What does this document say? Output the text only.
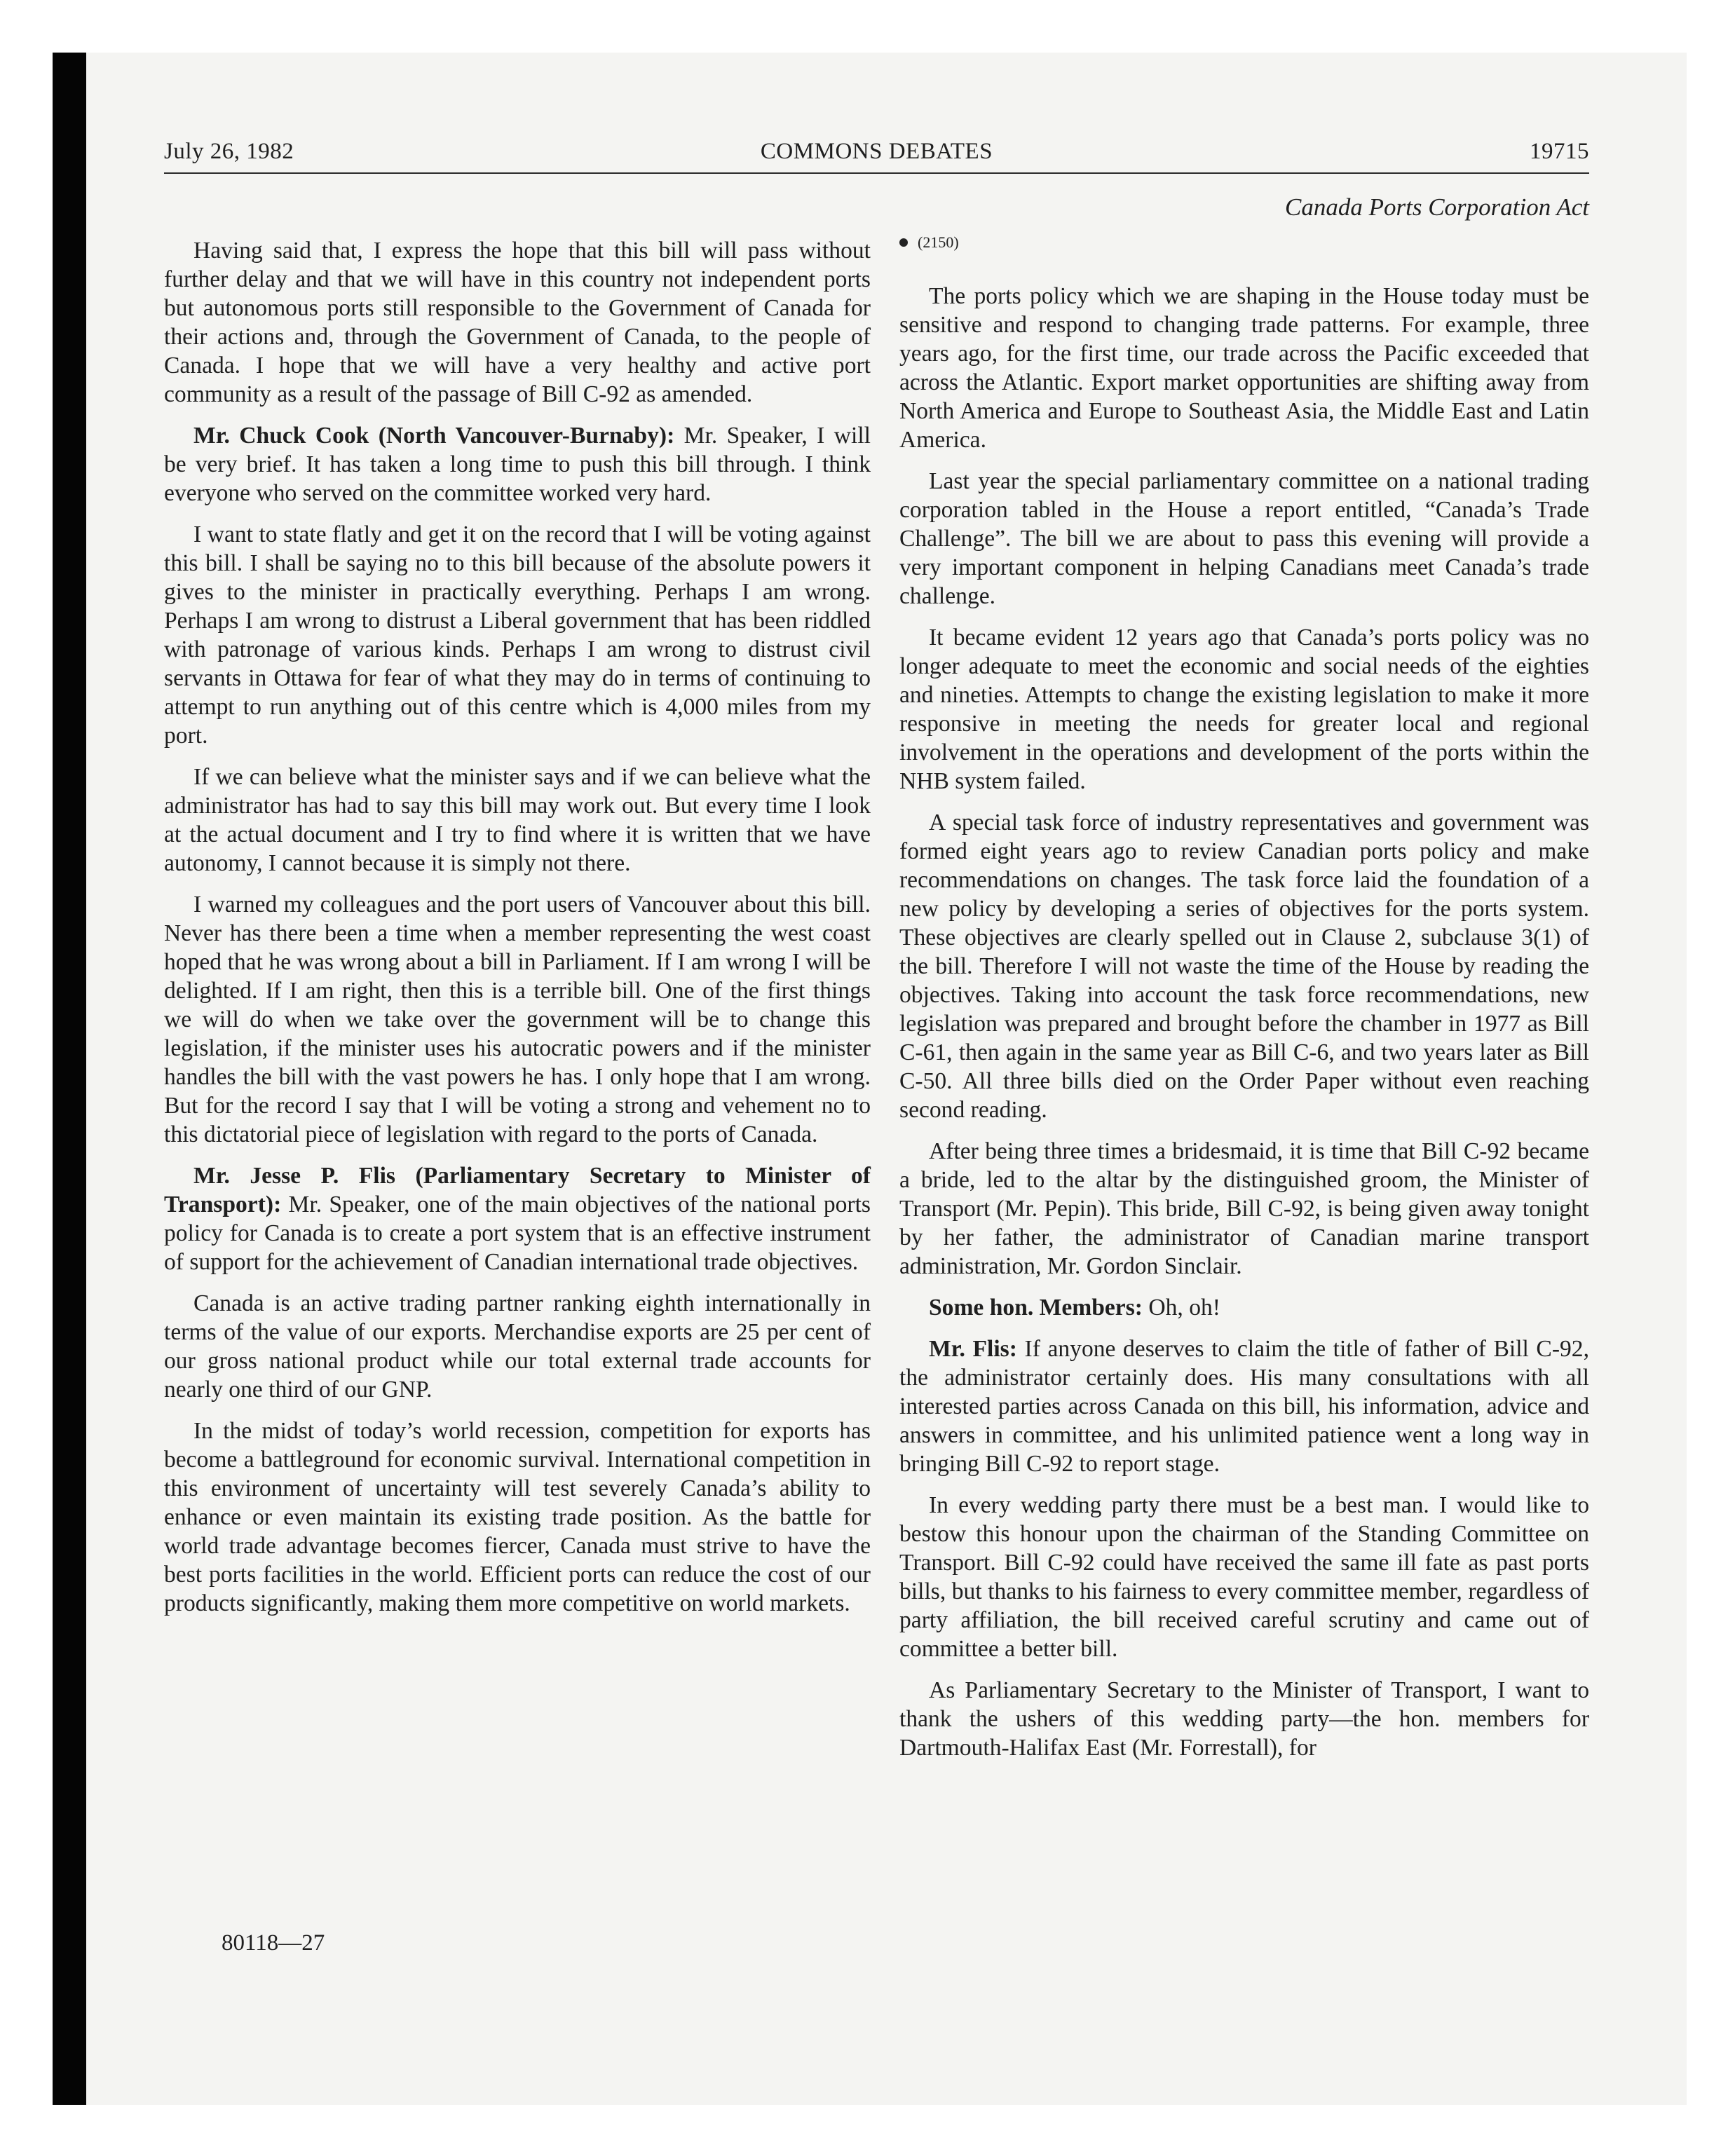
July 26, 1982	COMMONS DEBATES	19715
Canada Ports Corporation Act
(2150)

Having said that, I express the hope that this bill will pass without further delay and that we will have in this country not independent ports but autonomous ports still responsible to the Government of Canada for their actions and, through the Government of Canada, to the people of Canada. I hope that we will have a very healthy and active port community as a result of the passage of Bill C-92 as amended.

Mr. Chuck Cook (North Vancouver-Burnaby): Mr. Speaker, I will be very brief. It has taken a long time to push this bill through. I think everyone who served on the committee worked very hard.

I want to state flatly and get it on the record that I will be voting against this bill. I shall be saying no to this bill because of the absolute powers it gives to the minister in practically everything. Perhaps I am wrong. Perhaps I am wrong to distrust a Liberal government that has been riddled with patronage of various kinds. Perhaps I am wrong to distrust civil servants in Ottawa for fear of what they may do in terms of continuing to attempt to run anything out of this centre which is 4,000 miles from my port.

If we can believe what the minister says and if we can believe what the administrator has had to say this bill may work out. But every time I look at the actual document and I try to find where it is written that we have autonomy, I cannot because it is simply not there.

I warned my colleagues and the port users of Vancouver about this bill. Never has there been a time when a member representing the west coast hoped that he was wrong about a bill in Parliament. If I am wrong I will be delighted. If I am right, then this is a terrible bill. One of the first things we will do when we take over the government will be to change this legislation, if the minister uses his autocratic powers and if the minister handles the bill with the vast powers he has. I only hope that I am wrong. But for the record I say that I will be voting a strong and vehement no to this dictatorial piece of legislation with regard to the ports of Canada.

Mr. Jesse P. Flis (Parliamentary Secretary to Minister of Transport): Mr. Speaker, one of the main objectives of the national ports policy for Canada is to create a port system that is an effective instrument of support for the achievement of Canadian international trade objectives.

Canada is an active trading partner ranking eighth internationally in terms of the value of our exports. Merchandise exports are 25 per cent of our gross national product while our total external trade accounts for nearly one third of our GNP.

In the midst of today’s world recession, competition for exports has become a battleground for economic survival. International competition in this environment of uncertainty will test severely Canada’s ability to enhance or even maintain its existing trade position. As the battle for world trade advantage becomes fiercer, Canada must strive to have the best ports facilities in the world. Efficient ports can reduce the cost of our products significantly, making them more competitive on world markets.

The ports policy which we are shaping in the House today must be sensitive and respond to changing trade patterns. For example, three years ago, for the first time, our trade across the Pacific exceeded that across the Atlantic. Export market opportunities are shifting away from North America and Europe to Southeast Asia, the Middle East and Latin America.

Last year the special parliamentary committee on a national trading corporation tabled in the House a report entitled, “Canada’s Trade Challenge”. The bill we are about to pass this evening will provide a very important component in helping Canadians meet Canada’s trade challenge.

It became evident 12 years ago that Canada’s ports policy was no longer adequate to meet the economic and social needs of the eighties and nineties. Attempts to change the existing legislation to make it more responsive in meeting the needs for greater local and regional involvement in the operations and development of the ports within the NHB system failed.

A special task force of industry representatives and government was formed eight years ago to review Canadian ports policy and make recommendations on changes. The task force laid the foundation of a new policy by developing a series of objectives for the ports system. These objectives are clearly spelled out in Clause 2, subclause 3(1) of the bill. Therefore I will not waste the time of the House by reading the objectives. Taking into account the task force recommendations, new legislation was prepared and brought before the chamber in 1977 as Bill C-61, then again in the same year as Bill C-6, and two years later as Bill C-50. All three bills died on the Order Paper without even reaching second reading.

After being three times a bridesmaid, it is time that Bill C-92 became a bride, led to the altar by the distinguished groom, the Minister of Transport (Mr. Pepin). This bride, Bill C-92, is being given away tonight by her father, the administrator of Canadian marine transport administration, Mr. Gordon Sinclair.

Some hon. Members: Oh, oh!

Mr. Flis: If anyone deserves to claim the title of father of Bill C-92, the administrator certainly does. His many consultations with all interested parties across Canada on this bill, his information, advice and answers in committee, and his unlimited patience went a long way in bringing Bill C-92 to report stage.

In every wedding party there must be a best man. I would like to bestow this honour upon the chairman of the Standing Committee on Transport. Bill C-92 could have received the same ill fate as past ports bills, but thanks to his fairness to every committee member, regardless of party affiliation, the bill received careful scrutiny and came out of committee a better bill.

As Parliamentary Secretary to the Minister of Transport, I want to thank the ushers of this wedding party—the hon. members for Dartmouth-Halifax East (Mr. Forrestall), for

80118—27
